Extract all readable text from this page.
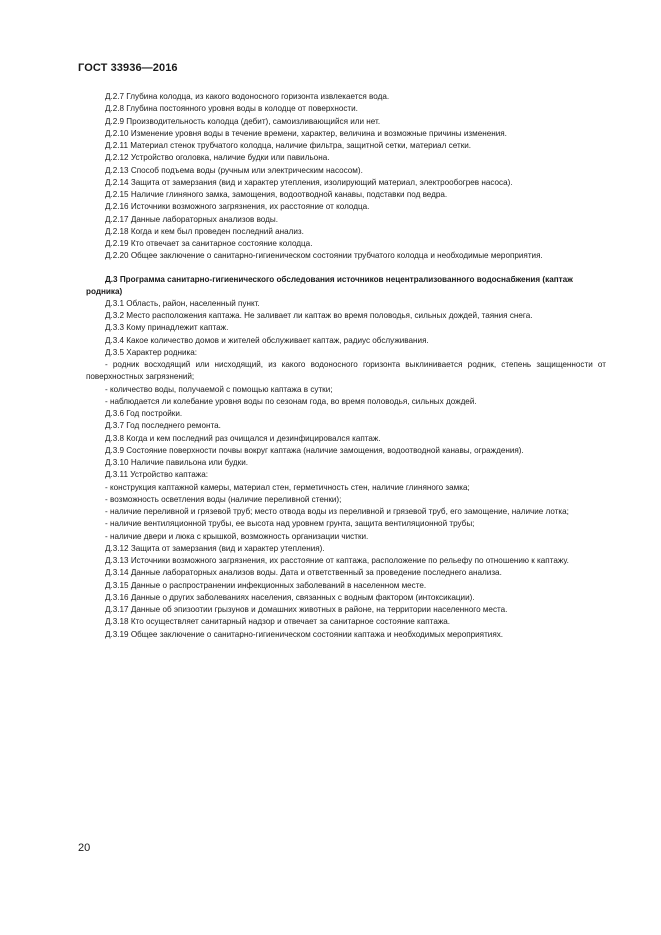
ГОСТ 33936—2016

Д.2.7 Глубина колодца, из какого водоносного горизонта извлекается вода.

Д.2.8 Глубина постоянного уровня воды в колодце от поверхности.

Д.2.9 Производительность колодца (дебит), самоизливающийся или нет.

Д.2.10 Изменение уровня воды в течение времени, характер, величина и возможные причины изменения.

Д.2.11 Материал стенок трубчатого колодца, наличие фильтра, защитной сетки, материал сетки.

Д.2.12 Устройство оголовка, наличие будки или павильона.

Д.2.13 Способ подъема воды (ручным или электрическим насосом).

Д.2.14 Защита от замерзания (вид и характер утепления, изолирующий материал, электрообогрев насоса).

Д.2.15 Наличие глиняного замка, замощения, водоотводной канавы, подставки под ведра.

Д.2.16 Источники возможного загрязнения, их расстояние от колодца.

Д.2.17 Данные лабораторных анализов воды.

Д.2.18 Когда и кем был проведен последний анализ.

Д.2.19 Кто отвечает за санитарное состояние колодца.

Д.2.20 Общее заключение о санитарно-гигиеническом состоянии трубчатого колодца и необходимые мероприятия.

Д.3 Программа санитарно-гигиенического обследования источников нецентрализованного водоснабжения (каптаж родника)

Д.3.1 Область, район, населенный пункт.

Д.3.2 Место расположения каптажа. Не заливает ли каптаж во время половодья, сильных дождей, таяния снега.

Д.3.3 Кому принадлежит каптаж.

Д.3.4 Какое количество домов и жителей обслуживает каптаж, радиус обслуживания.

Д.3.5 Характер родника:

- родник восходящий или нисходящий, из какого водоносного горизонта выклинивается родник, степень защищенности от поверхностных загрязнений;

- количество воды, получаемой с помощью каптажа в сутки;

- наблюдается ли колебание уровня воды по сезонам года, во время половодья, сильных дождей.

Д.3.6 Год постройки.

Д.3.7 Год последнего ремонта.

Д.3.8 Когда и кем последний раз очищался и дезинфицировался каптаж.

Д.3.9 Состояние поверхности почвы вокруг каптажа (наличие замощения, водоотводной канавы, ограждения).

Д.3.10 Наличие павильона или будки.

Д.3.11 Устройство каптажа:

- конструкция каптажной камеры, материал стен, герметичность стен, наличие глиняного замка;

- возможность осветления воды (наличие переливной стенки);

- наличие переливной и грязевой труб; место отвода воды из переливной и грязевой труб, его замощение, наличие лотка;

- наличие вентиляционной трубы, ее высота над уровнем грунта, защита вентиляционной трубы;

- наличие двери и люка с крышкой, возможность организации чистки.

Д.3.12 Защита от замерзания (вид и характер утепления).

Д.3.13 Источники возможного загрязнения, их расстояние от каптажа, расположение по рельефу по отношению к каптажу.

Д.3.14 Данные лабораторных анализов воды. Дата и ответственный за проведение последнего анализа.

Д.3.15 Данные о распространении инфекционных заболеваний в населенном месте.

Д.3.16 Данные о других заболеваниях населения, связанных с водным фактором (интоксикации).

Д.3.17 Данные об эпизоотии грызунов и домашних животных в районе, на территории населенного места.

Д.3.18 Кто осуществляет санитарный надзор и отвечает за санитарное состояние каптажа.

Д.3.19 Общее заключение о санитарно-гигиеническом состоянии каптажа и необходимых мероприятиях.

20
